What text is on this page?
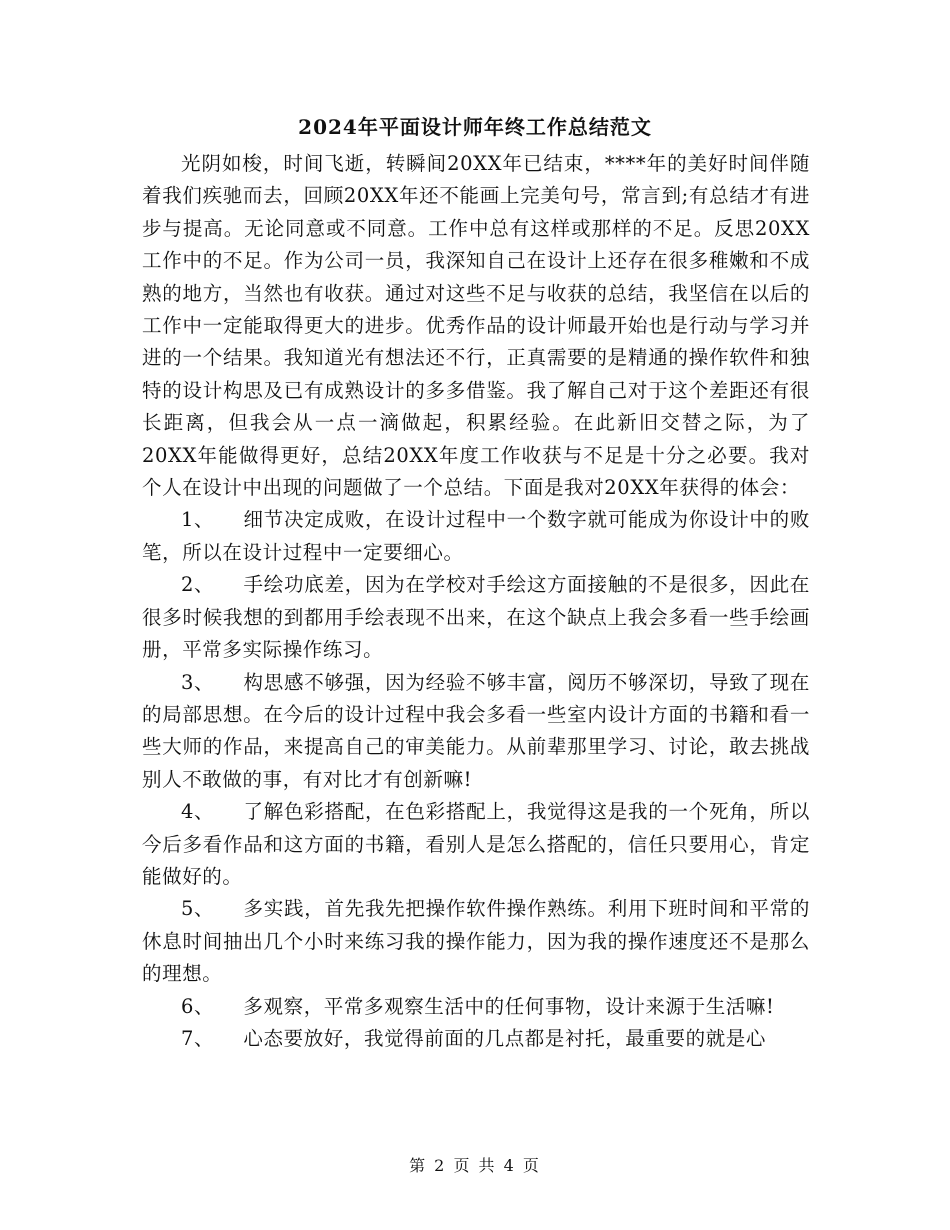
2024年平面设计师年终工作总结范文

光阴如梭，时间飞逝，转瞬间20XX年已结束，****年的美好时间伴随着我们疾驰而去，回顾20XX年还不能画上完美句号，常言到;有总结才有进步与提高。无论同意或不同意。工作中总有这样或那样的不足。反思20XX工作中的不足。作为公司一员，我深知自己在设计上还存在很多稚嫩和不成熟的地方，当然也有收获。通过对这些不足与收获的总结，我坚信在以后的工作中一定能取得更大的进步。优秀作品的设计师最开始也是行动与学习并进的一个结果。我知道光有想法还不行，正真需要的是精通的操作软件和独特的设计构思及已有成熟设计的多多借鉴。我了解自己对于这个差距还有很长距离，但我会从一点一滴做起，积累经验。在此新旧交替之际，为了20XX年能做得更好，总结20XX年度工作收获与不足是十分之必要。我对个人在设计中出现的问题做了一个总结。下面是我对20XX年获得的体会：

1、 细节决定成败，在设计过程中一个数字就可能成为你设计中的败笔，所以在设计过程中一定要细心。

2、 手绘功底差，因为在学校对手绘这方面接触的不是很多，因此在很多时候我想的到都用手绘表现不出来，在这个缺点上我会多看一些手绘画册，平常多实际操作练习。

3、 构思感不够强，因为经验不够丰富，阅历不够深切，导致了现在的局部思想。在今后的设计过程中我会多看一些室内设计方面的书籍和看一些大师的作品，来提高自己的审美能力。从前辈那里学习、讨论，敢去挑战别人不敢做的事，有对比才有创新嘛!

4、 了解色彩搭配，在色彩搭配上，我觉得这是我的一个死角，所以今后多看作品和这方面的书籍，看别人是怎么搭配的，信任只要用心，肯定能做好的。

5、 多实践，首先我先把操作软件操作熟练。利用下班时间和平常的休息时间抽出几个小时来练习我的操作能力，因为我的操作速度还不是那么的理想。

6、 多观察，平常多观察生活中的任何事物，设计来源于生活嘛!

7、 心态要放好，我觉得前面的几点都是衬托，最重要的就是心

第 2 页 共 4 页
